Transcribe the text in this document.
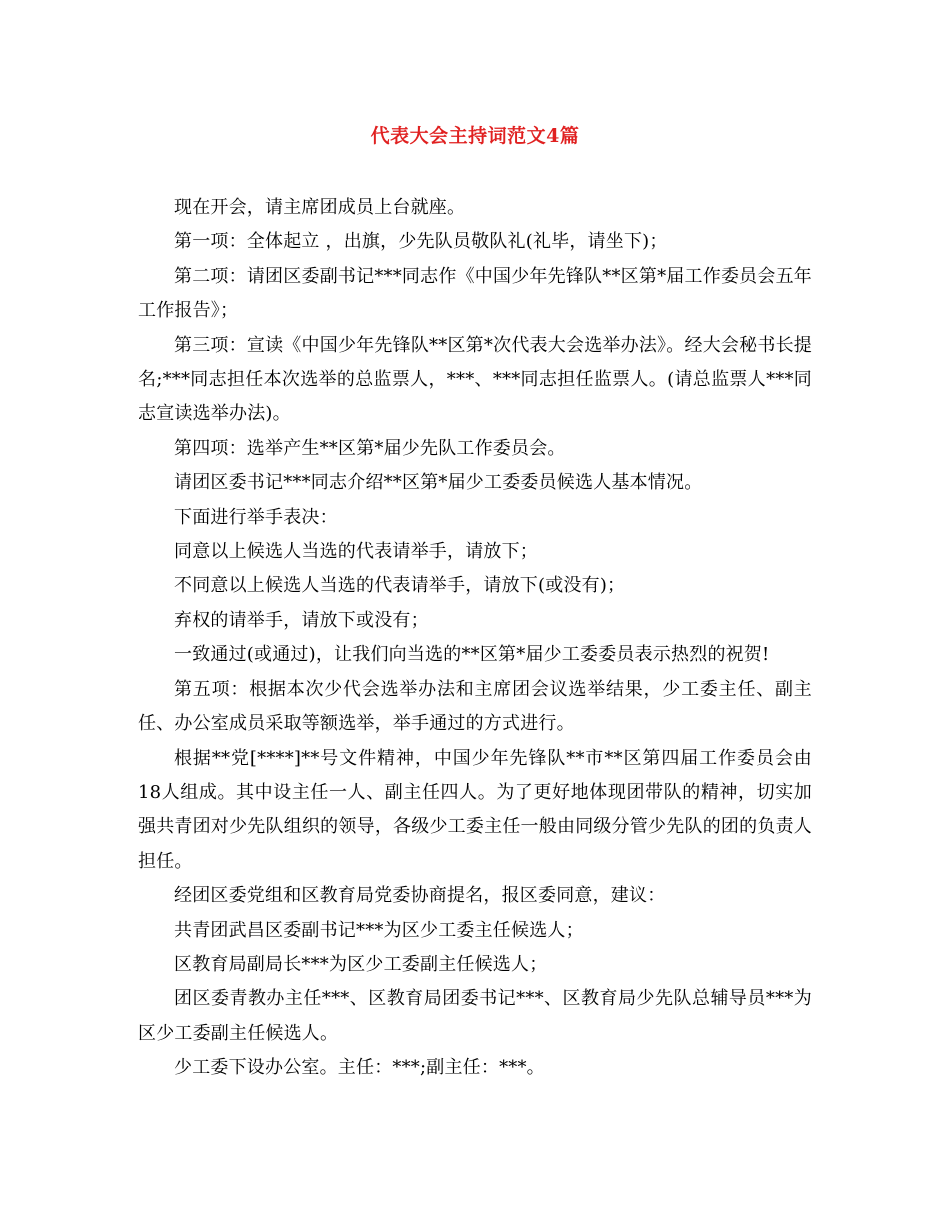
代表大会主持词范文4篇

现在开会，请主席团成员上台就座。

第一项：全体起立 ，出旗，少先队员敬队礼(礼毕，请坐下)；

第二项：请团区委副书记***同志作《中国少年先锋队**区第*届工作委员会五年工作报告》；

第三项：宣读《中国少年先锋队**区第*次代表大会选举办法》。经大会秘书长提名;***同志担任本次选举的总监票人，***、***同志担任监票人。(请总监票人***同志宣读选举办法)。

第四项：选举产生**区第*届少先队工作委员会。

请团区委书记***同志介绍**区第*届少工委委员候选人基本情况。

下面进行举手表决：

同意以上候选人当选的代表请举手，请放下；

不同意以上候选人当选的代表请举手，请放下(或没有)；

弃权的请举手，请放下或没有；

一致通过(或通过)，让我们向当选的**区第*届少工委委员表示热烈的祝贺!

第五项：根据本次少代会选举办法和主席团会议选举结果，少工委主任、副主任、办公室成员采取等额选举，举手通过的方式进行。

根据**党[****]**号文件精神，中国少年先锋队**市**区第四届工作委员会由18人组成。其中设主任一人、副主任四人。为了更好地体现团带队的精神，切实加强共青团对少先队组织的领导，各级少工委主任一般由同级分管少先队的团的负责人担任。

经团区委党组和区教育局党委协商提名，报区委同意，建议：

共青团武昌区委副书记***为区少工委主任候选人；

区教育局副局长***为区少工委副主任候选人；

团区委青教办主任***、区教育局团委书记***、区教育局少先队总辅导员***为区少工委副主任候选人。

少工委下设办公室。主任：***;副主任：***。
